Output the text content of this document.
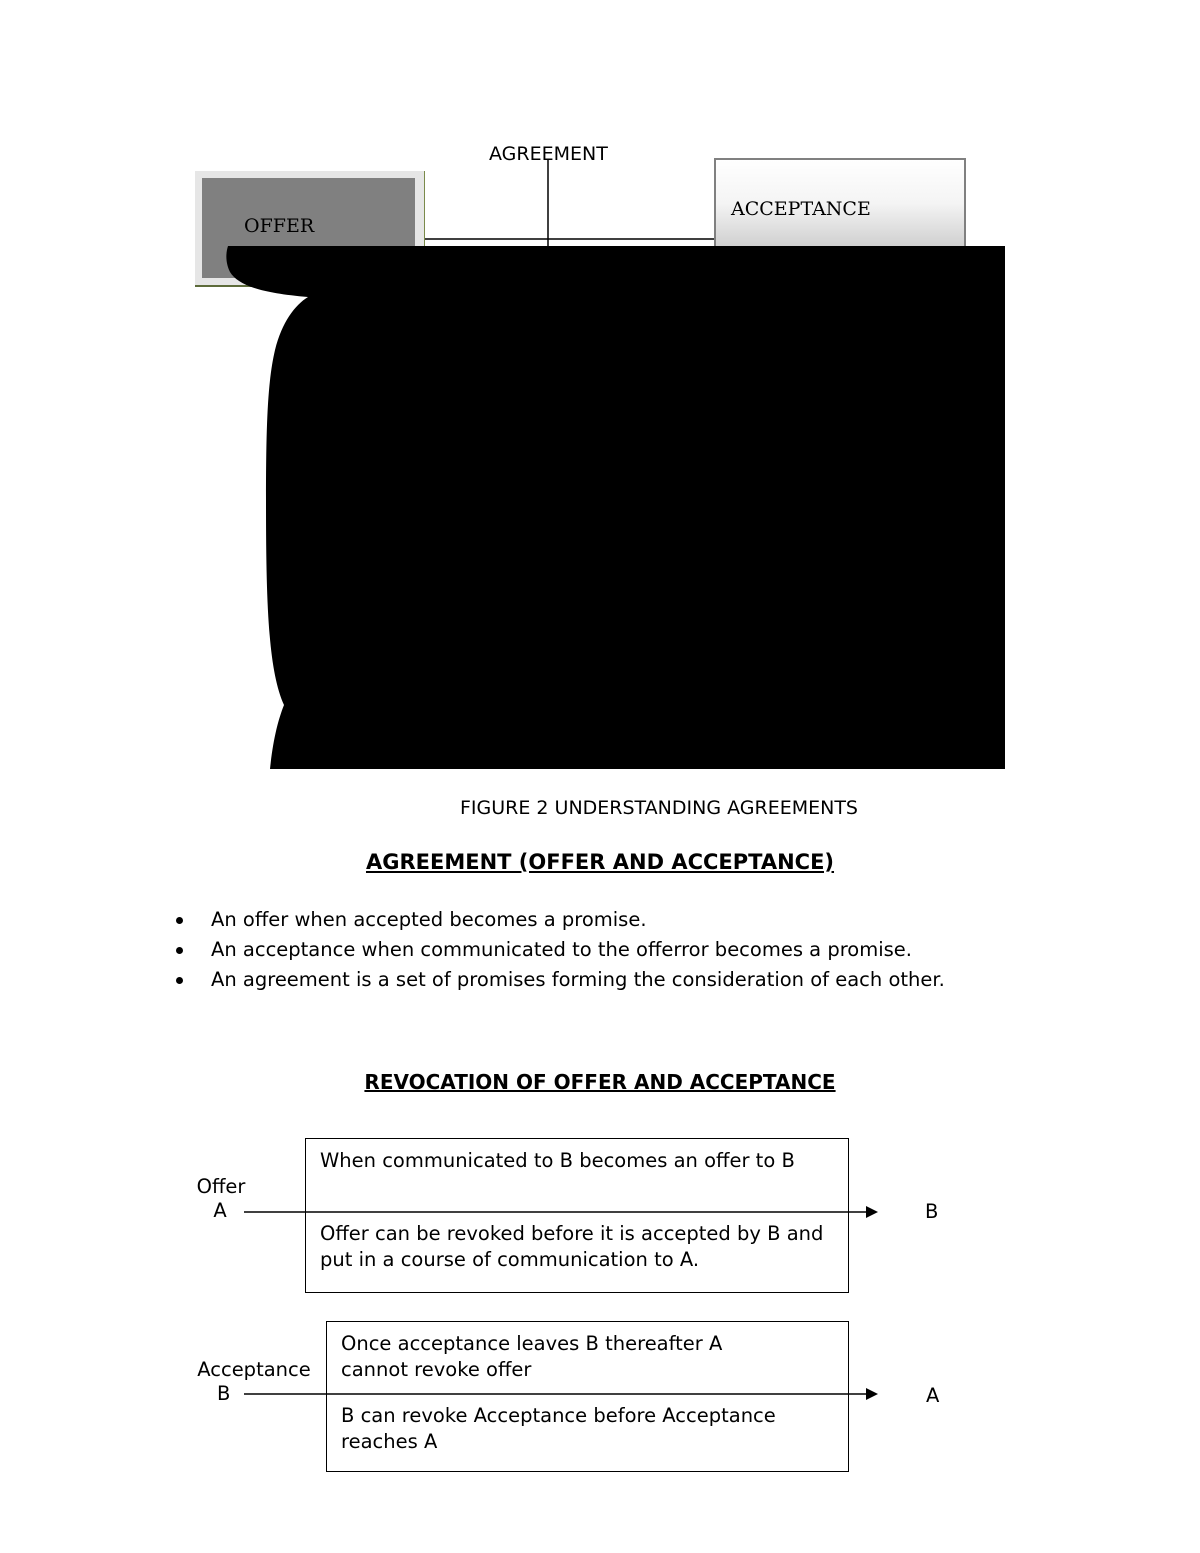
OFFER
ACCEPTANCE
AGREEMENT
FIGURE 2 UNDERSTANDING AGREEMENTS
AGREEMENT (OFFER AND ACCEPTANCE)
An offer when accepted becomes a promise.
An acceptance when communicated to the offerror becomes a promise.
An agreement is a set of promises forming the consideration of each other.
REVOCATION OF OFFER AND ACCEPTANCE
When communicated to B becomes an offer to B
Offer can be revoked before it is accepted by B and put in a course of communication to A.
Offer
A	B
Once acceptance leaves B thereafter A cannot revoke offer
B can revoke Acceptance before Acceptance reaches A
Acceptance
B	A
